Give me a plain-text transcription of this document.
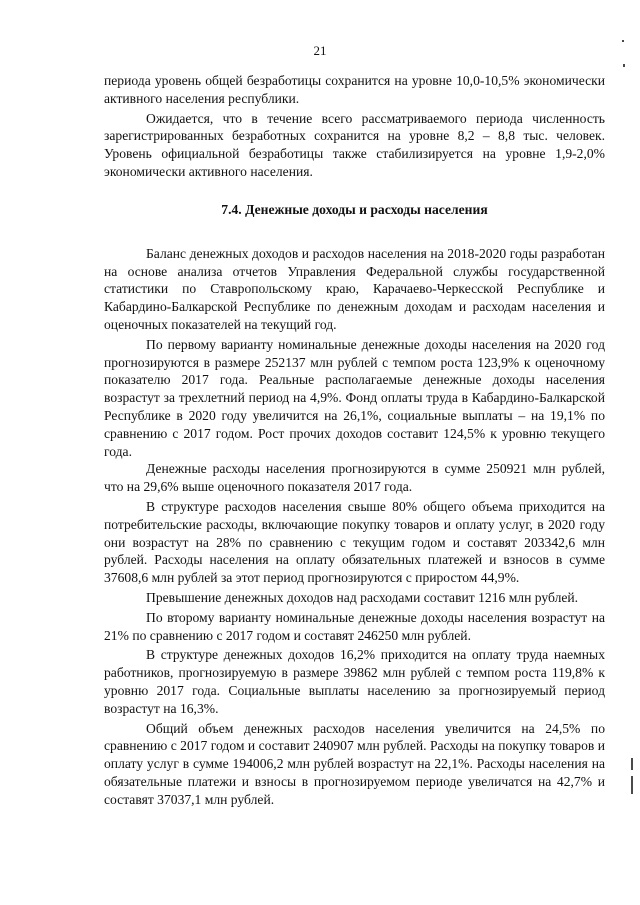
21

периода уровень общей безработицы сохранится на уровне 10,0-10,5% экономически активного населения республики.

Ожидается, что в течение всего рассматриваемого периода численность зарегистрированных безработных сохранится на уровне 8,2 – 8,8 тыс. человек. Уровень официальной безработицы также стабилизируется на уровне 1,9-2,0% экономически активного населения.

7.4. Денежные доходы и расходы населения

Баланс денежных доходов и расходов населения на 2018-2020 годы разработан на основе анализа отчетов Управления Федеральной службы государственной статистики по Ставропольскому краю, Карачаево-Черкесской Республике и Кабардино-Балкарской Республике по денежным доходам и расходам населения и оценочных показателей на текущий год.

По первому варианту номинальные денежные доходы населения на 2020 год прогнозируются в размере 252137 млн рублей с темпом роста 123,9% к оценочному показателю 2017 года. Реальные располагаемые денежные доходы населения возрастут за трехлетний период на 4,9%. Фонд оплаты труда в Кабардино-Балкарской Республике в 2020 году увеличится на 26,1%, социальные выплаты – на 19,1% по сравнению с 2017 годом. Рост прочих доходов составит 124,5% к уровню текущего года.

Денежные расходы населения прогнозируются в сумме 250921 млн рублей, что на 29,6% выше оценочного показателя 2017 года.

В структуре расходов населения свыше 80% общего объема приходится на потребительские расходы, включающие покупку товаров и оплату услуг, в 2020 году они возрастут на 28% по сравнению с текущим годом и составят 203342,6 млн рублей. Расходы населения на оплату обязательных платежей и взносов в сумме 37608,6 млн рублей за этот период прогнозируются с приростом 44,9%.

Превышение денежных доходов над расходами составит 1216 млн рублей.

По второму варианту номинальные денежные доходы населения возрастут на 21% по сравнению с 2017 годом и составят 246250 млн рублей.

В структуре денежных доходов 16,2% приходится на оплату труда наемных работников, прогнозируемую в размере 39862 млн рублей с темпом роста 119,8% к уровню 2017 года. Социальные выплаты населению за прогнозируемый период возрастут на 16,3%.

Общий объем денежных расходов населения увеличится на 24,5% по сравнению с 2017 годом и составит 240907 млн рублей. Расходы на покупку товаров и оплату услуг в сумме 194006,2 млн рублей возрастут на 22,1%. Расходы населения на обязательные платежи и взносы в прогнозируемом периоде увеличатся на 42,7% и составят 37037,1 млн рублей.
